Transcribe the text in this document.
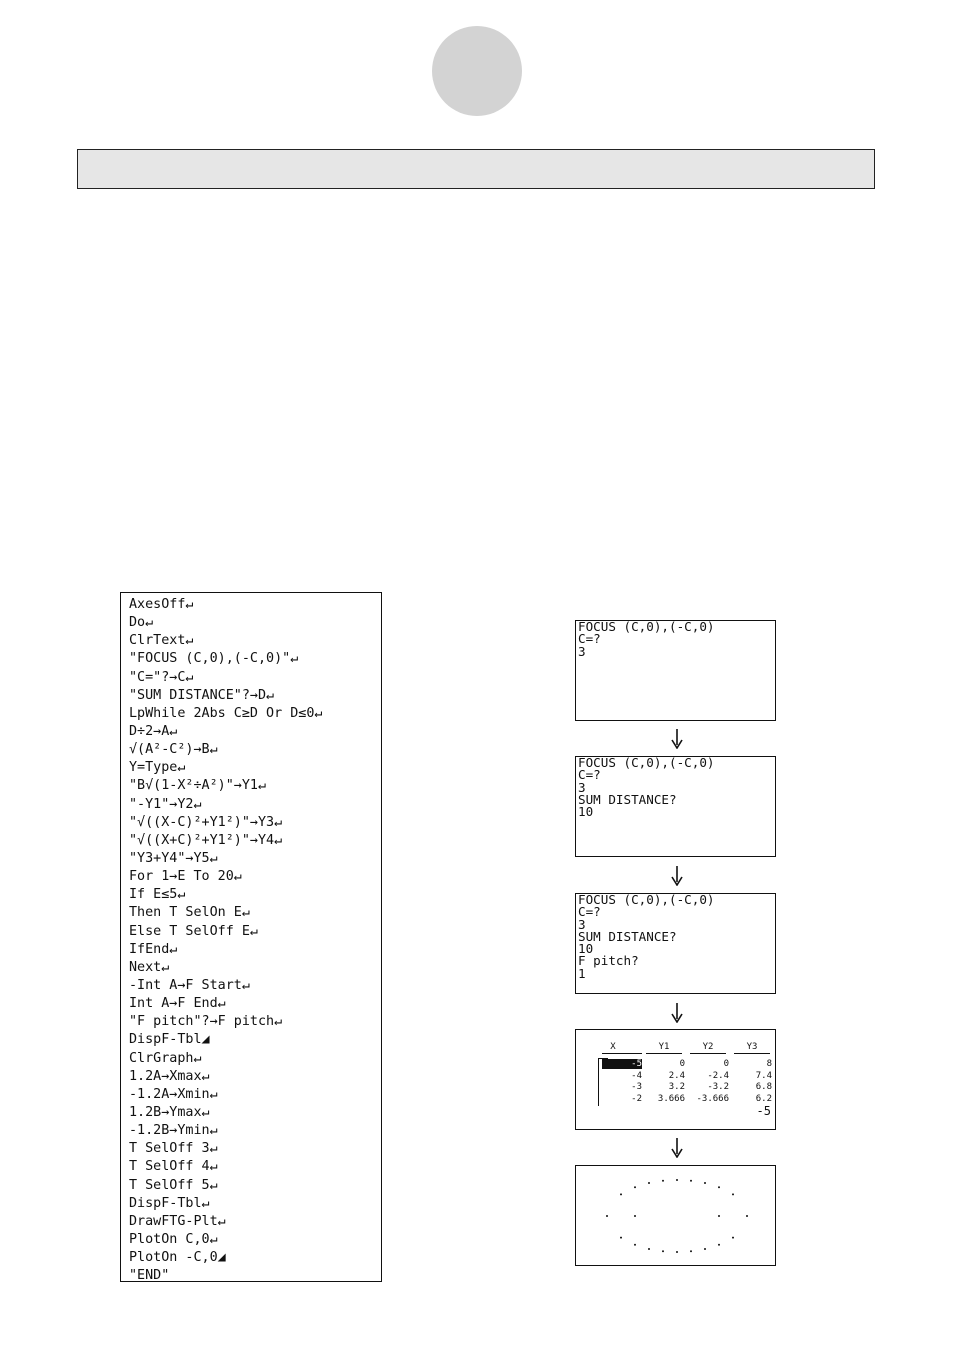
AxesOff↵
Do↵
ClrText↵
"FOCUS (C,0),(-C,0)"↵
"C="?→C↵
"SUM DISTANCE"?→D↵
LpWhile 2Abs C≥D Or D≤0↵
D÷2→A↵
√(A²-C²)→B↵
Y=Type↵
"B√(1-X²÷A²)"→Y1↵
"-Y1"→Y2↵
"√((X-C)²+Y1²)"→Y3↵
"√((X+C)²+Y1²)"→Y4↵
"Y3+Y4"→Y5↵
For 1→E To 20↵
If E≤5↵
Then T SelOn E↵
Else T SelOff E↵
IfEnd↵
Next↵
-Int A→F Start↵
Int A→F End↵
"F pitch"?→F pitch↵
DispF-Tbl◢
ClrGraph↵
1.2A→Xmax↵
-1.2A→Xmin↵
1.2B→Ymax↵
-1.2B→Ymin↵
T SelOff 3↵
T SelOff 4↵
T SelOff 5↵
DispF-Tbl↵
DrawFTG-Plt↵
PlotOn C,0↵
PlotOn -C,0◢
"END"
FOCUS (C,0),(-C,0)
C=?
3
FOCUS (C,0),(-C,0)
C=?
3
SUM DISTANCE?
10
FOCUS (C,0),(-C,0)
C=?
3
SUM DISTANCE?
10
F pitch?
1
X	Y1	Y2	Y3
-5	0	0	8
-4	2.4	-2.4	7.4
-3	3.2	-3.2	6.8
-2	3.666	-3.666	6.2
-5
